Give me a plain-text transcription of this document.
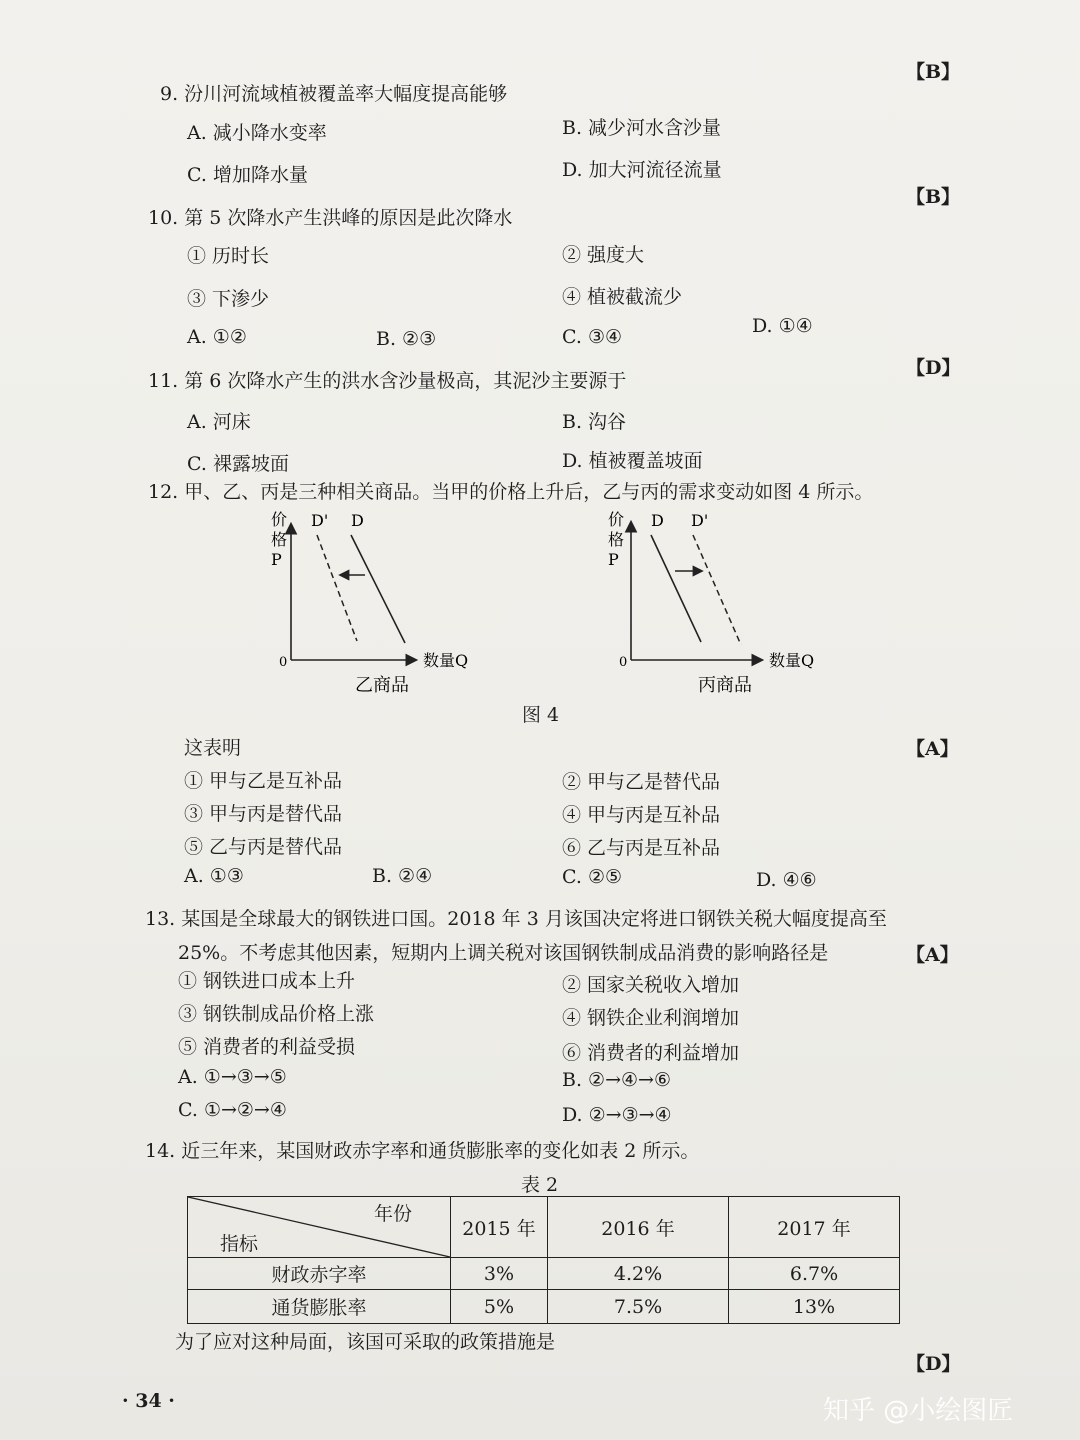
【B】
9. 汾川河流域植被覆盖率大幅度提高能够
A. 减小降水变率	B. 减少河水含沙量
C. 增加降水量	D. 加大河流径流量
【B】
10. 第 5 次降水产生洪峰的原因是此次降水
① 历时长	② 强度大
③ 下渗少	④ 植被截流少
A. ①②	B. ②③	C. ③④	D. ①④
【D】
11. 第 6 次降水产生的洪水含沙量极高，其泥沙主要源于
A. 河床	B. 沟谷
C. 裸露坡面	D. 植被覆盖坡面
12. 甲、乙、丙是三种相关商品。当甲的价格上升后，乙与丙的需求变动如图 4 所示。
价
格
P
0	数量Q
D' D
乙商品
价
格
P
0	数量Q
D D'
丙商品
图 4
这表明	【A】
① 甲与乙是互补品	② 甲与乙是替代品
③ 甲与丙是替代品	④ 甲与丙是互补品
⑤ 乙与丙是替代品	⑥ 乙与丙是互补品
A. ①③	B. ②④	C. ②⑤	D. ④⑥
13. 某国是全球最大的钢铁进口国。2018 年 3 月该国决定将进口钢铁关税大幅度提高至
25%。不考虑其他因素，短期内上调关税对该国钢铁制成品消费的影响路径是	【A】
① 钢铁进口成本上升	② 国家关税收入增加
③ 钢铁制成品价格上涨	④ 钢铁企业利润增加
⑤ 消费者的利益受损	⑥ 消费者的利益增加
A. ①→③→⑤	B. ②→④→⑥
C. ①→②→④	D. ②→③→④
14. 近三年来，某国财政赤字率和通货膨胀率的变化如表 2 所示。
表 2
年份
指标	2015 年	2016 年	2017 年
财政赤字率	3%	4.2%	6.7%
通货膨胀率	5%	7.5%	13%
为了应对这种局面，该国可采取的政策措施是
【D】
· 34 ·	知乎 @小绘图匠
